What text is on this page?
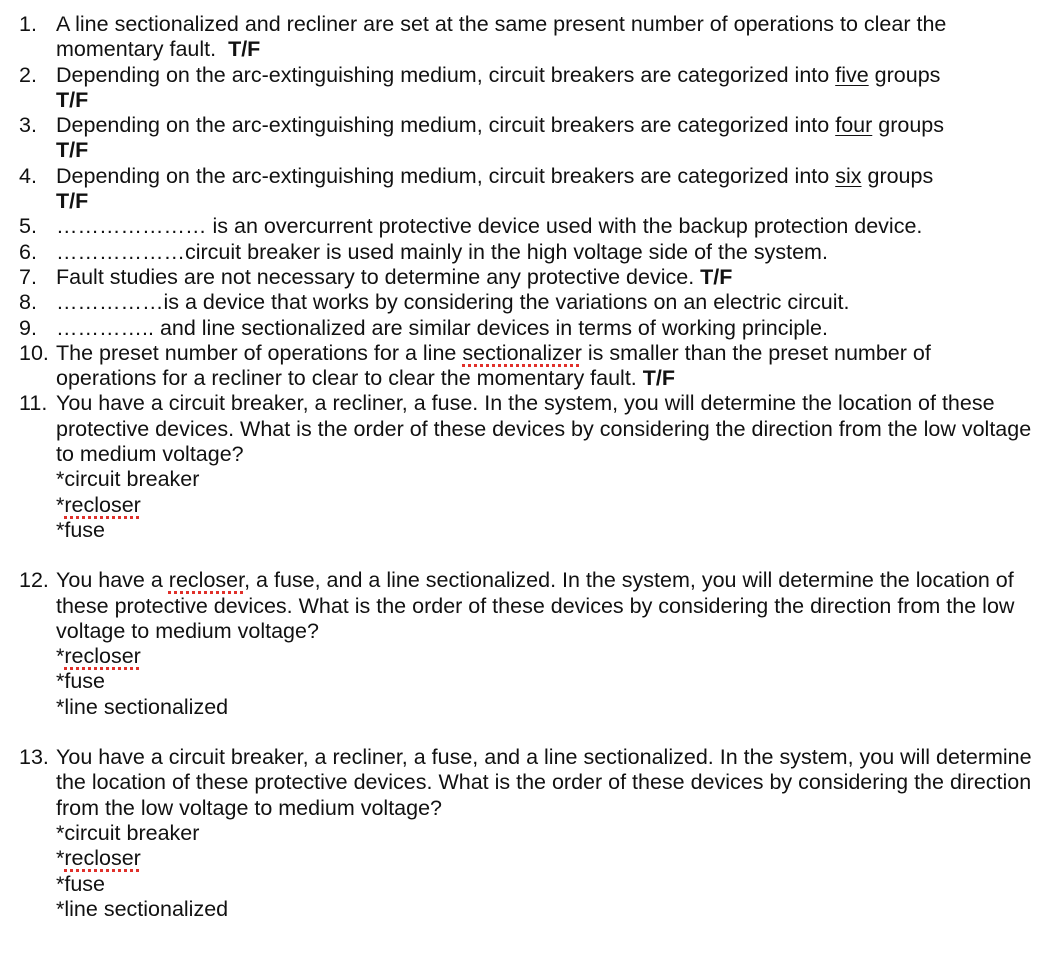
1. A line sectionalized and recliner are set at the same present number of operations to clear the momentary fault. T/F
2. Depending on the arc-extinguishing medium, circuit breakers are categorized into five groups
T/F
3. Depending on the arc-extinguishing medium, circuit breakers are categorized into four groups
T/F
4. Depending on the arc-extinguishing medium, circuit breakers are categorized into six groups
T/F
5. ………………… is an overcurrent protective device used with the backup protection device.
6. ………………circuit breaker is used mainly in the high voltage side of the system.
7. Fault studies are not necessary to determine any protective device. T/F
8. ……………is a device that works by considering the variations on an electric circuit.
9. ………….. and line sectionalized are similar devices in terms of working principle.
10. The preset number of operations for a line sectionalizer is smaller than the preset number of operations for a recliner to clear to clear the momentary fault. T/F
11. You have a circuit breaker, a recliner, a fuse. In the system, you will determine the location of these protective devices. What is the order of these devices by considering the direction from the low voltage to medium voltage?
*circuit breaker
*recloser
*fuse
12. You have a recloser, a fuse, and a line sectionalized. In the system, you will determine the location of these protective devices. What is the order of these devices by considering the direction from the low voltage to medium voltage?
*recloser
*fuse
*line sectionalized
13. You have a circuit breaker, a recliner, a fuse, and a line sectionalized. In the system, you will determine the location of these protective devices. What is the order of these devices by considering the direction from the low voltage to medium voltage?
*circuit breaker
*recloser
*fuse
*line sectionalized
